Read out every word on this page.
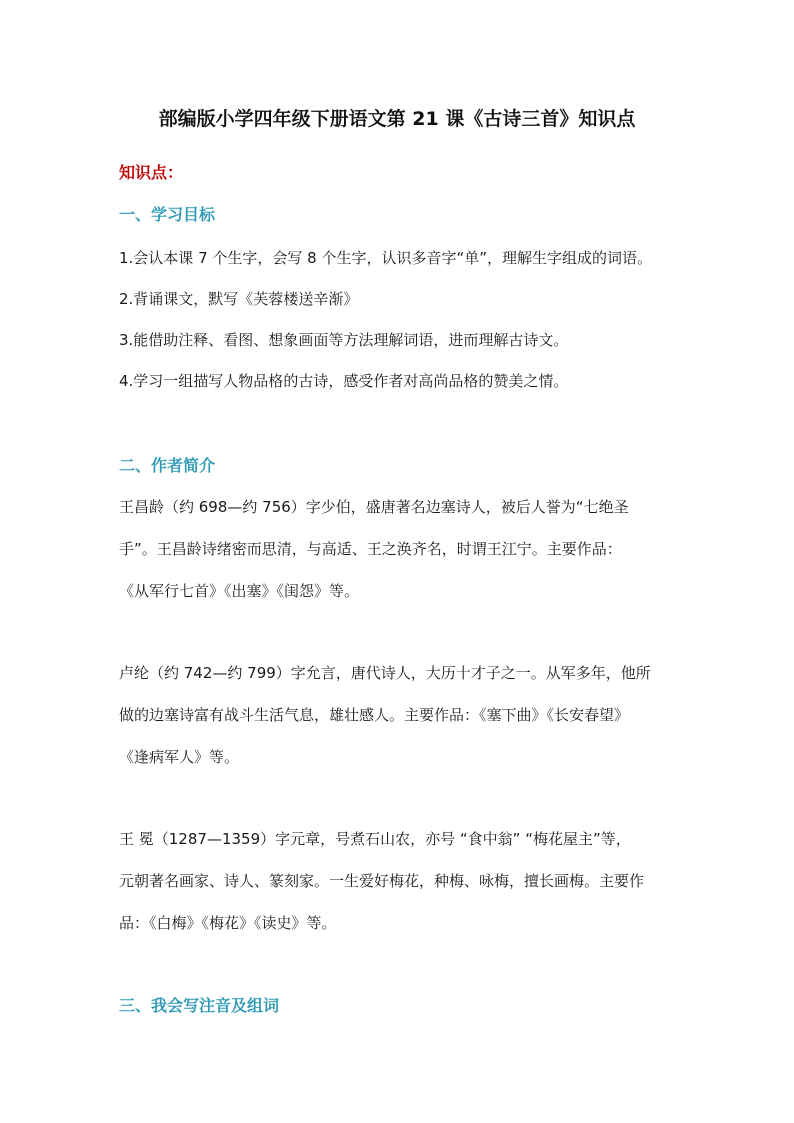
部编版小学四年级下册语文第 21 课《古诗三首》知识点
知识点：
一、学习目标
1.会认本课 7 个生字，会写 8 个生字，认识多音字“单”，理解生字组成的词语。
2.背诵课文，默写《芙蓉楼送辛渐》
3.能借助注释、看图、想象画面等方法理解词语，进而理解古诗文。
4.学习一组描写人物品格的古诗，感受作者对高尚品格的赞美之情。
二、作者简介
王昌龄（约 698—约 756）字少伯，盛唐著名边塞诗人，被后人誉为“七绝圣
手”。王昌龄诗绪密而思清，与高适、王之涣齐名，时谓王江宁。主要作品：
《从军行七首》《出塞》《闺怨》等。
卢纶（约 742—约 799）字允言，唐代诗人，大历十才子之一。从军多年，他所
做的边塞诗富有战斗生活气息，雄壮感人。主要作品：《塞下曲》《长安春望》
《逢病军人》等。
王 冕（1287—1359）字元章，号煮石山农，亦号 “食中翁” “梅花屋主”等，
元朝著名画家、诗人、篆刻家。一生爱好梅花，种梅、咏梅，擅长画梅。主要作
品：《白梅》《梅花》《读史》等。
三、我会写注音及组词
